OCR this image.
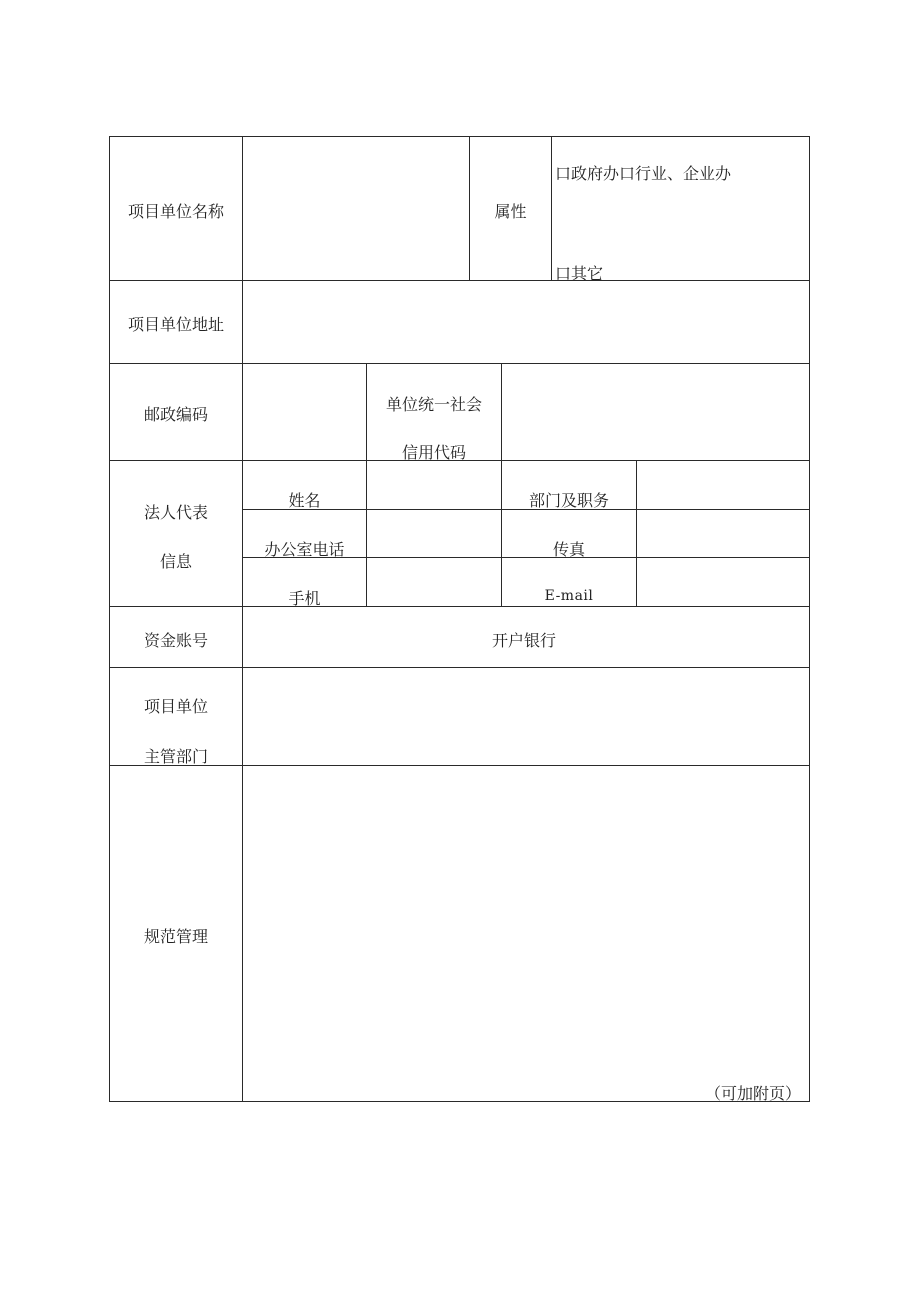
项目单位名称	属性
口政府办口行业、企业办
口其它
项目单位地址
邮政编码
单位统一社会
信用代码
法人代表
信息
姓名	部门及职务
办公室电话	传真
手机	E-mail
资金账号	开户银行
项目单位
主管部门
规范管理
（可加附页）
